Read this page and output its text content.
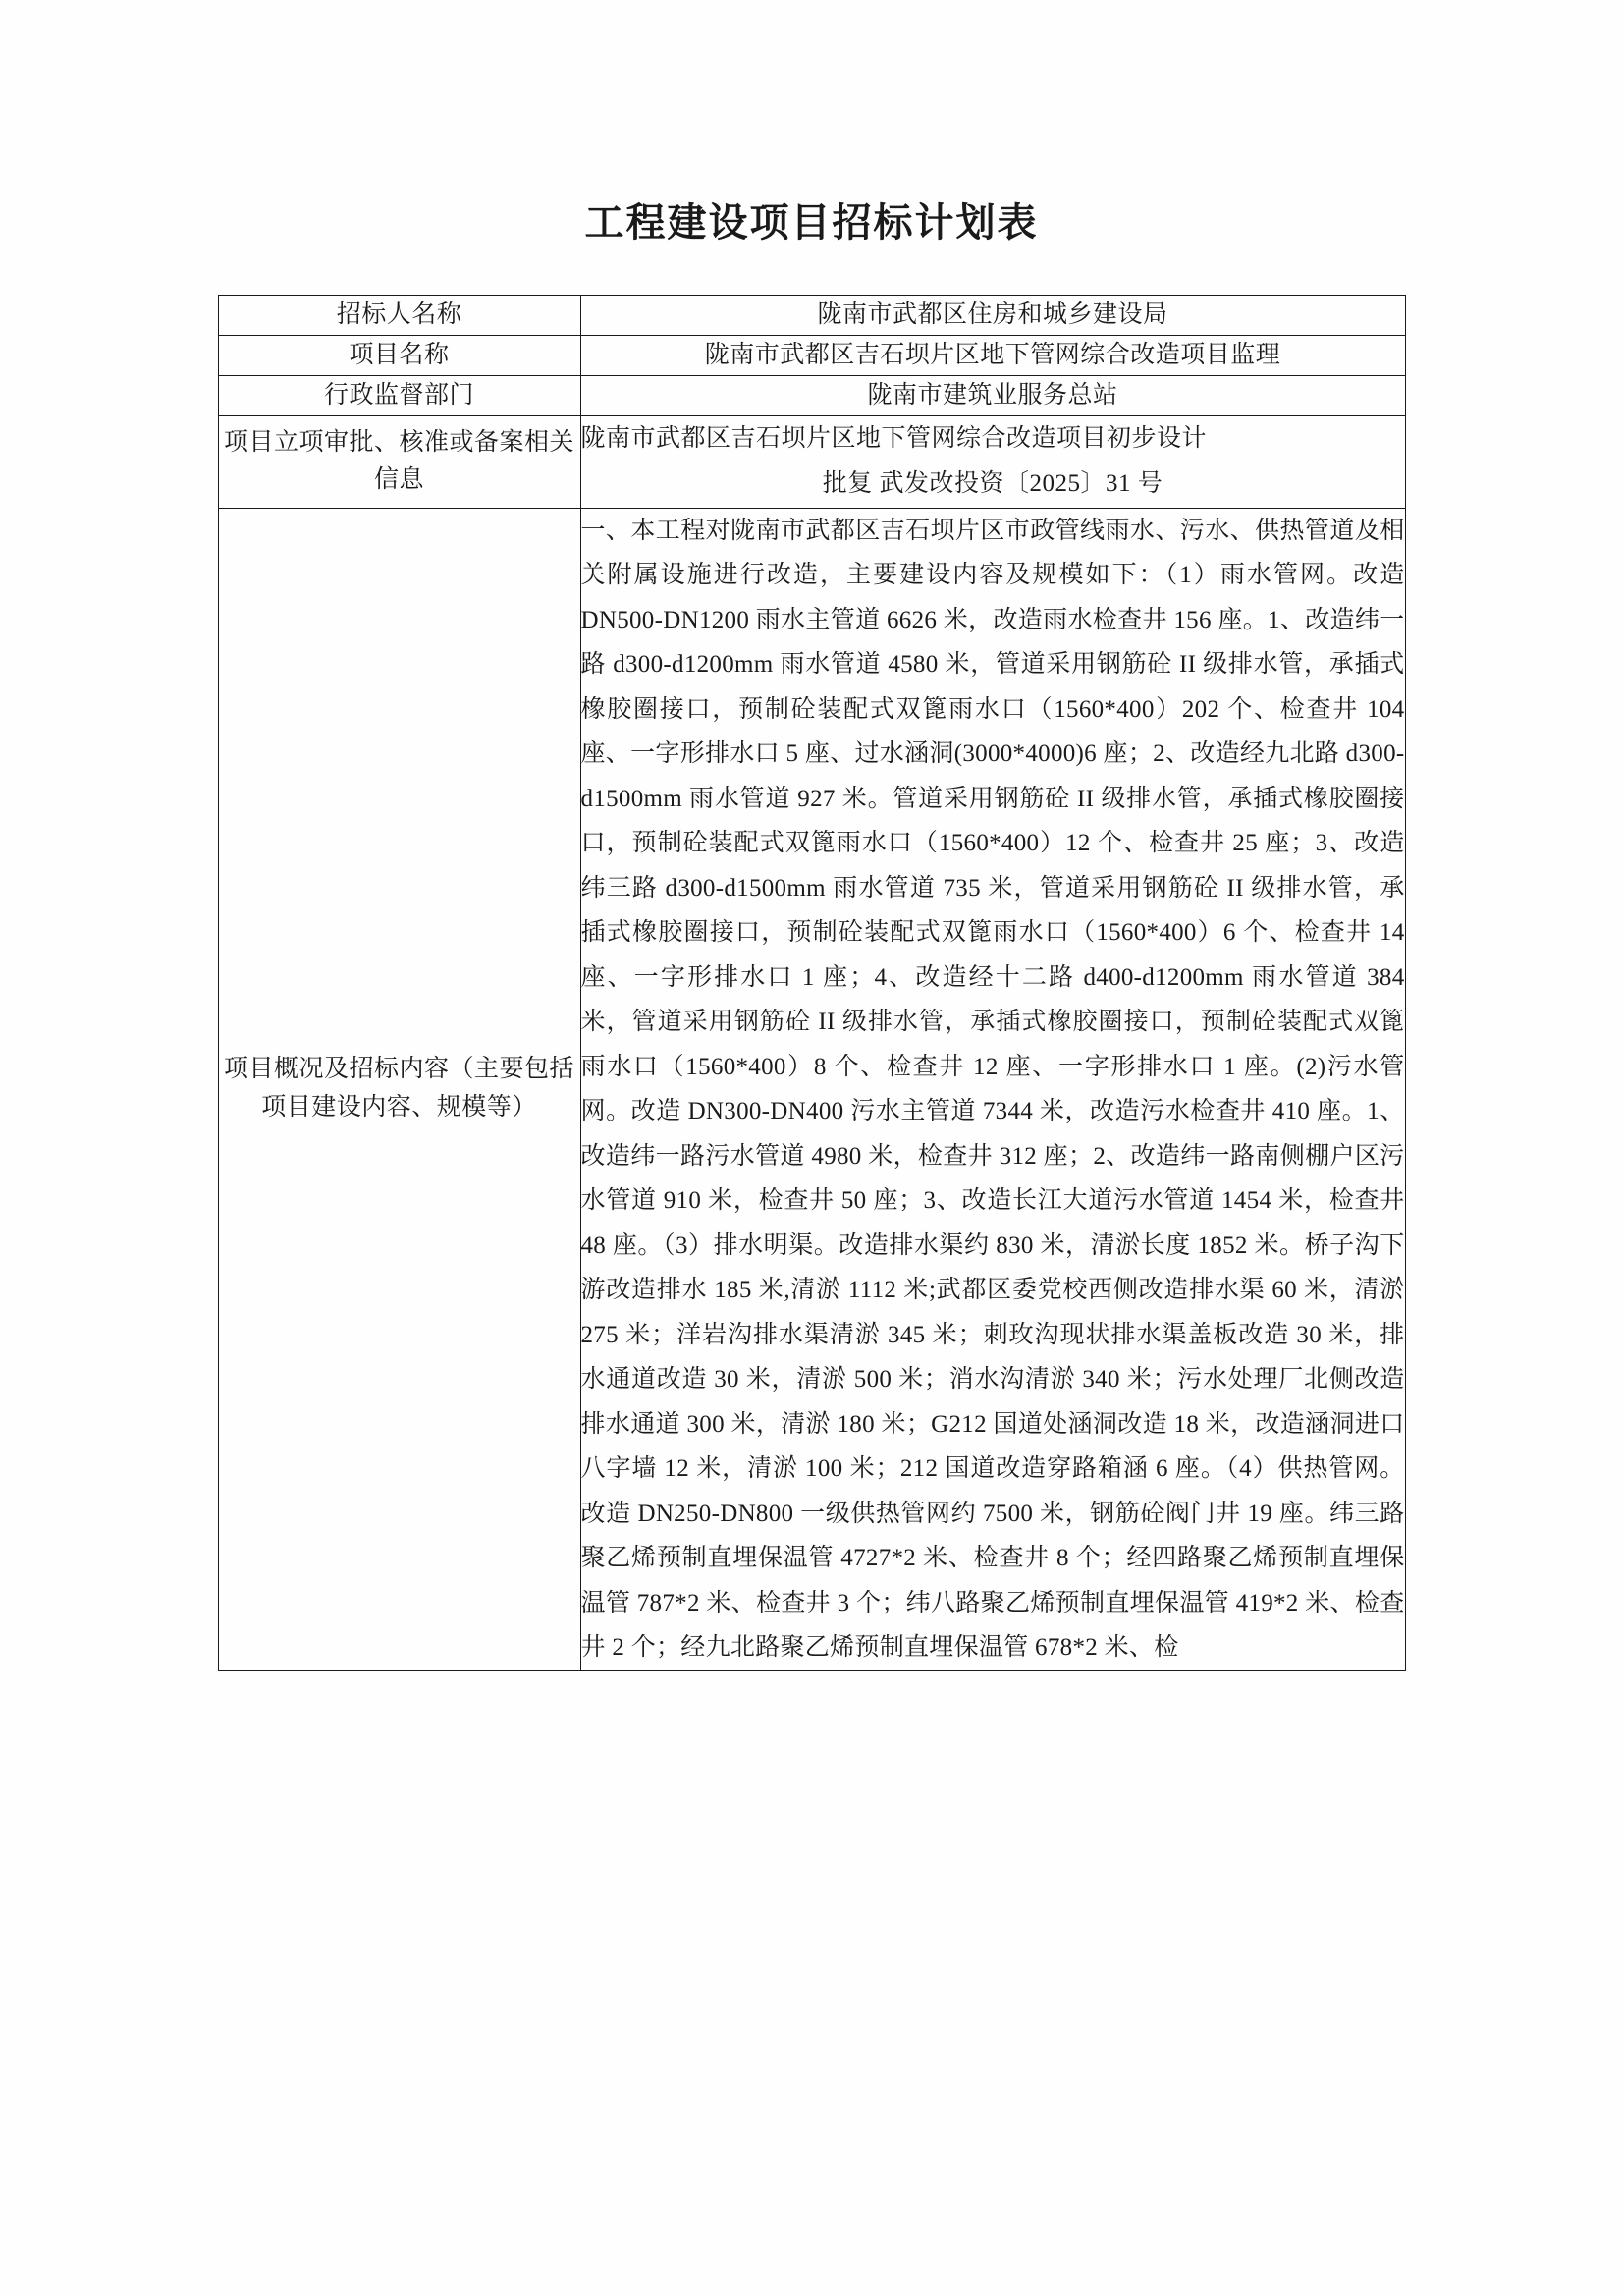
工程建设项目招标计划表
招标人名称	陇南市武都区住房和城乡建设局
项目名称	陇南市武都区吉石坝片区地下管网综合改造项目监理
行政监督部门	陇南市建筑业服务总站
项目立项审批、核准或备案相关信息	陇南市武都区吉石坝片区地下管网综合改造项目初步设计
批复 武发改投资〔2025〕31 号

项目概况及招标内容（主要包括项目建设内容、规模等）	一、本工程对陇南市武都区吉石坝片区市政管线雨水、污水、供热管道及相关附属设施进行改造，主要建设内容及规模如下：（1）雨水管网。改造 DN500-DN1200 雨水主管道 6626 米，改造雨水检查井 156 座。1、改造纬一路 d300-d1200mm 雨水管道 4580 米，管道采用钢筋砼 II 级排水管，承插式橡胶圈接口，预制砼装配式双篦雨水口（1560*400）202 个、检查井 104 座、一字形排水口 5 座、过水涵洞(3000*4000)6 座；2、改造经九北路 d300-d1500mm 雨水管道 927 米。管道采用钢筋砼 II 级排水管，承插式橡胶圈接口，预制砼装配式双篦雨水口（1560*400）12 个、检查井 25 座；3、改造纬三路 d300-d1500mm 雨水管道 735 米，管道采用钢筋砼 II 级排水管，承插式橡胶圈接口，预制砼装配式双篦雨水口（1560*400）6 个、检查井 14 座、一字形排水口 1 座；4、改造经十二路 d400-d1200mm 雨水管道 384 米，管道采用钢筋砼 II 级排水管，承插式橡胶圈接口，预制砼装配式双篦雨水口（1560*400）8 个、检查井 12 座、一字形排水口 1 座。(2)污水管网。改造 DN300-DN400 污水主管道 7344 米，改造污水检查井 410 座。1、改造纬一路污水管道 4980 米，检查井 312 座；2、改造纬一路南侧棚户区污水管道 910 米，检查井 50 座；3、改造长江大道污水管道 1454 米，检查井 48 座。（3）排水明渠。改造排水渠约 830 米，清淤长度 1852 米。桥子沟下游改造排水 185 米,清淤 1112 米;武都区委党校西侧改造排水渠 60 米，清淤 275 米；洋岩沟排水渠清淤 345 米；刺玫沟现状排水渠盖板改造 30 米，排水通道改造 30 米，清淤 500 米；消水沟清淤 340 米；污水处理厂北侧改造排水通道 300 米，清淤 180 米；G212 国道处涵洞改造 18 米，改造涵洞进口八字墙 12 米，清淤 100 米；212 国道改造穿路箱涵 6 座。（4）供热管网。改造 DN250-DN800 一级供热管网约 7500 米，钢筋砼阀门井 19 座。纬三路聚乙烯预制直埋保温管 4727*2 米、检查井 8 个；经四路聚乙烯预制直埋保温管 787*2 米、检查井 3 个；纬八路聚乙烯预制直埋保温管 419*2 米、检查井 2 个；经九北路聚乙烯预制直埋保温管 678*2 米、检
